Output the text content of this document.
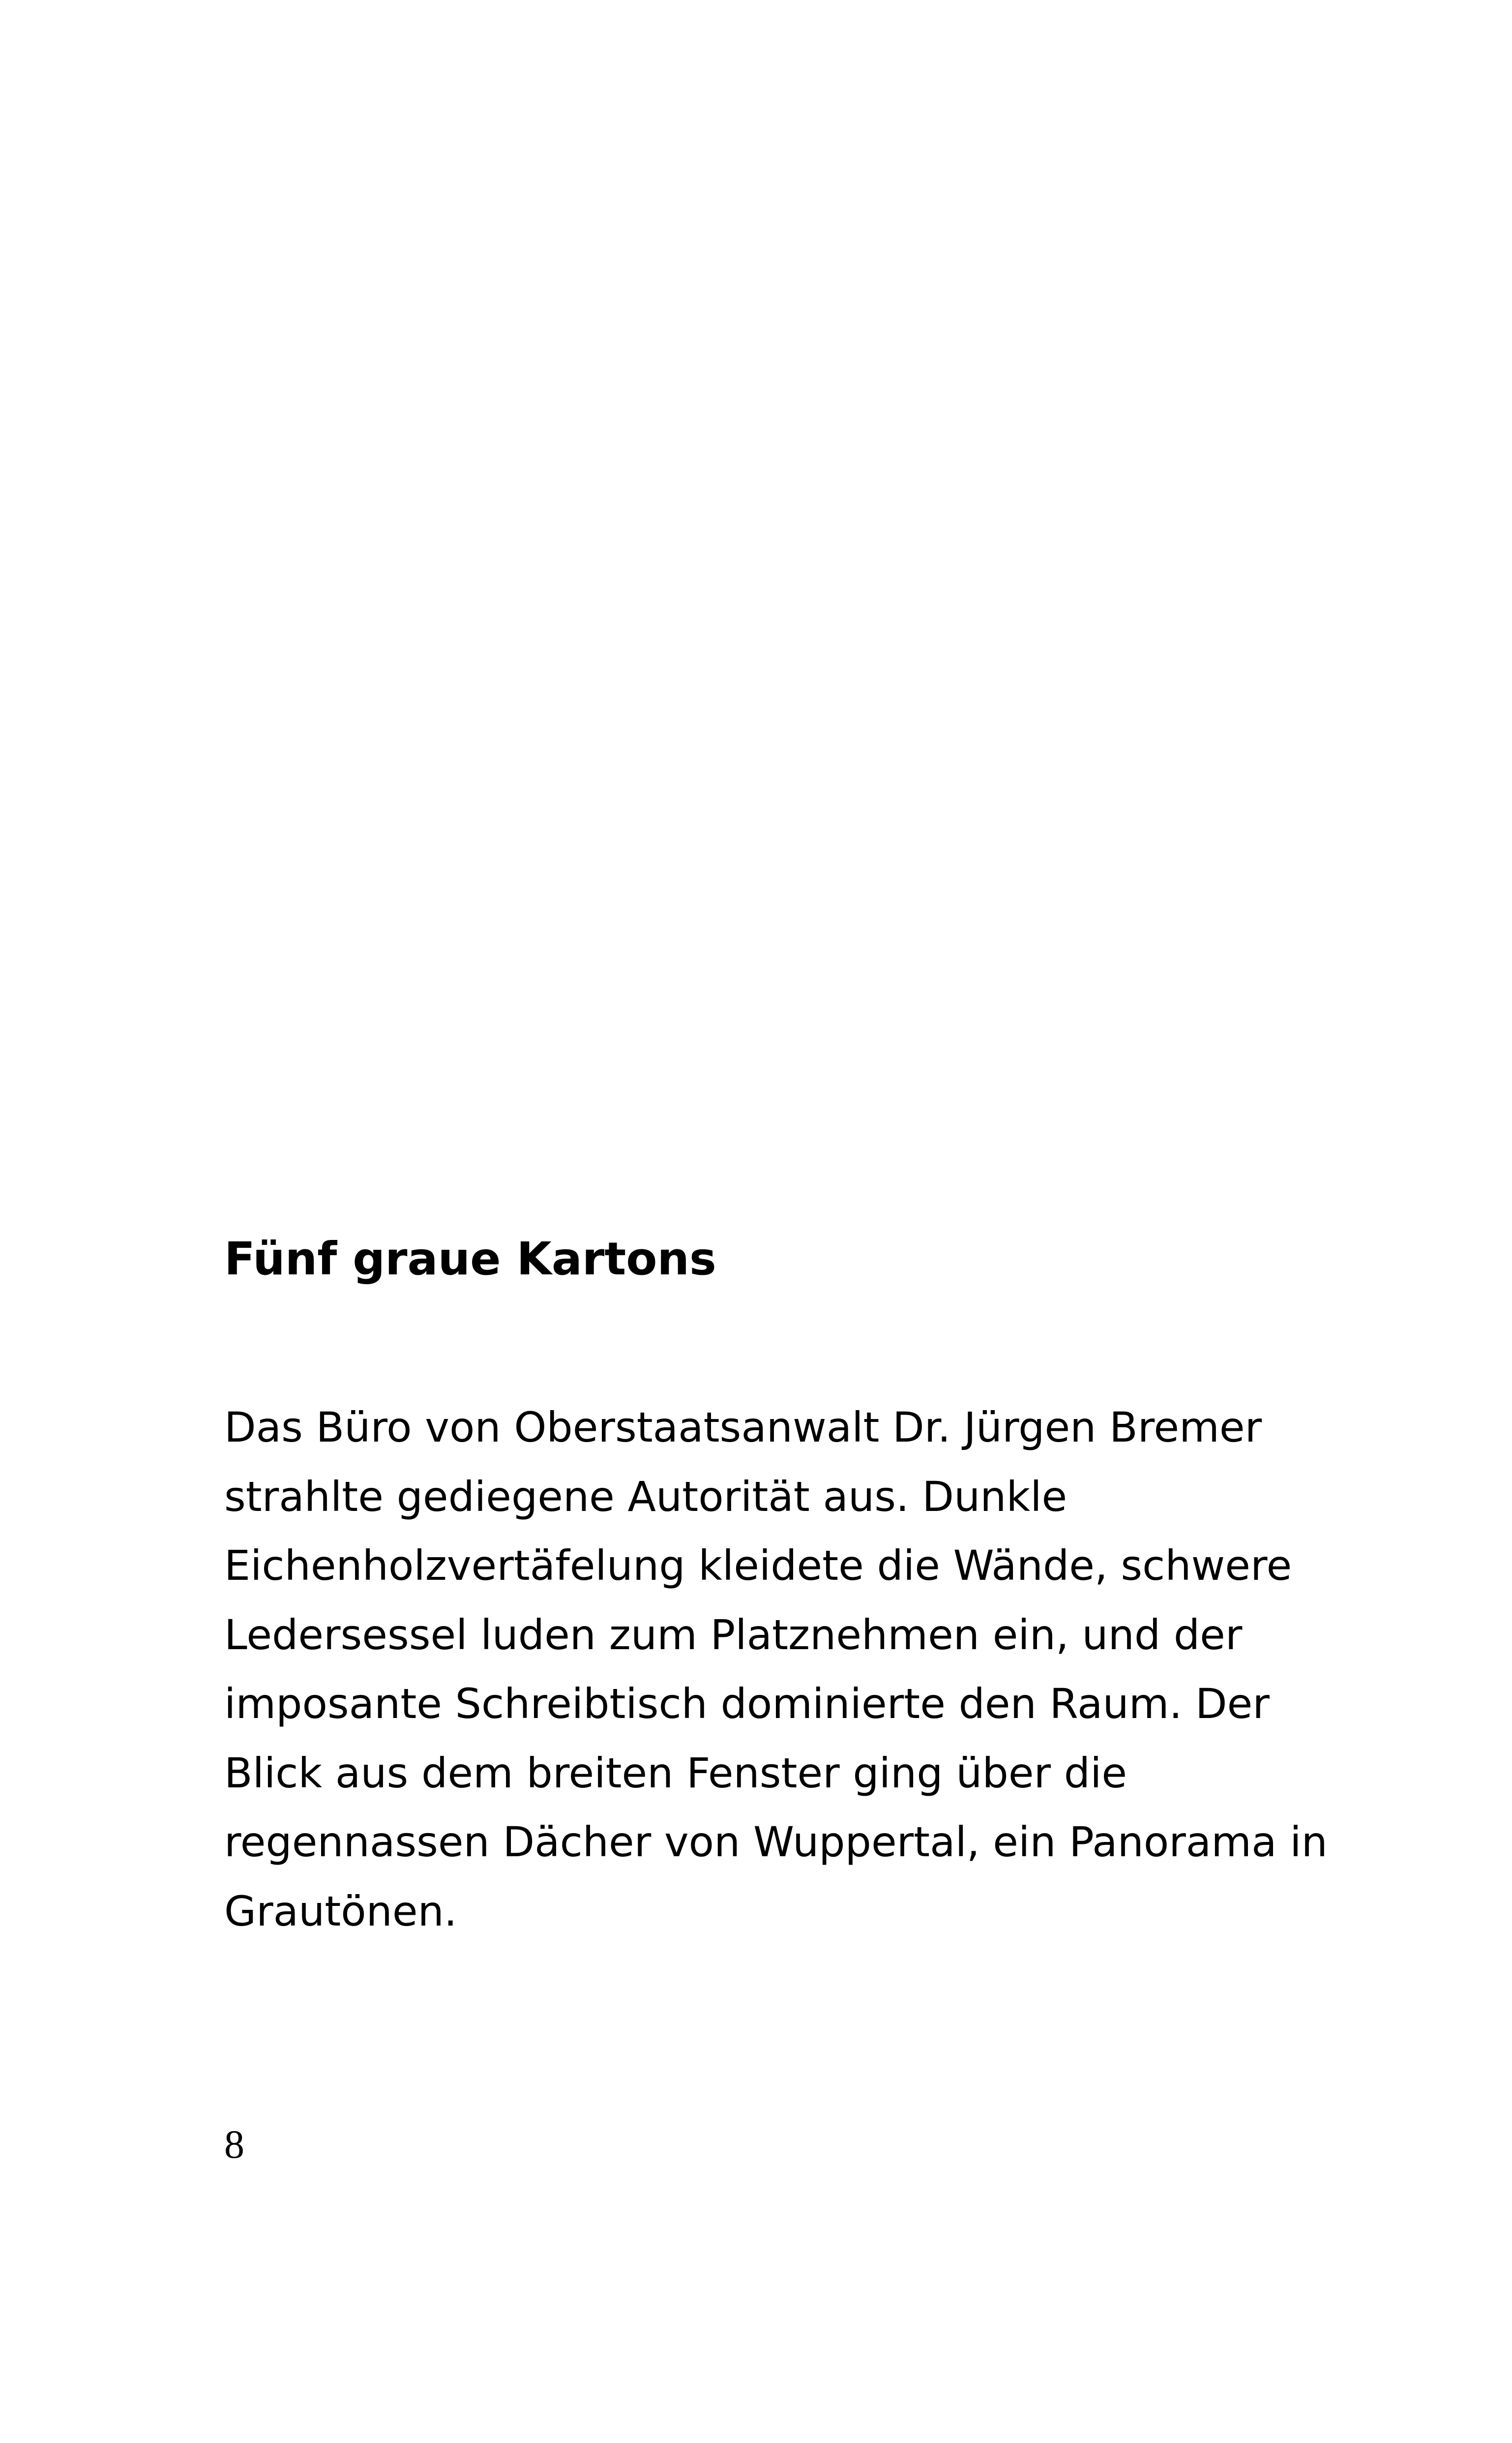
Fünf graue Kartons
Das Büro von Oberstaatsanwalt Dr. Jürgen Bremer
strahlte gediegene Autorität aus. Dunkle
Eichenholzvertäfelung kleidete die Wände, schwere
Ledersessel luden zum Platznehmen ein, und der
imposante Schreibtisch dominierte den Raum. Der
Blick aus dem breiten Fenster ging über die
regennassen Dächer von Wuppertal, ein Panorama in
Grautönen.
8
